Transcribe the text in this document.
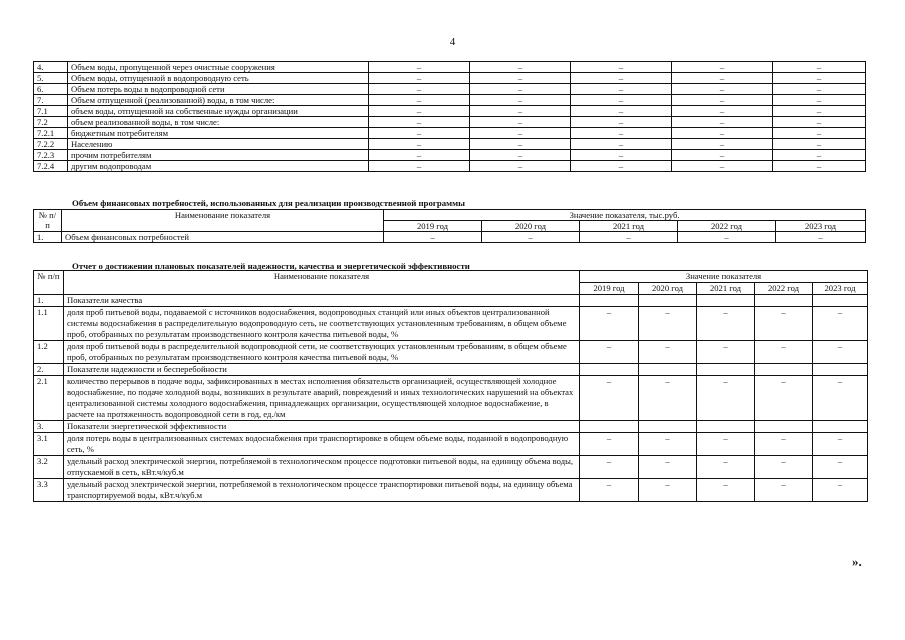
4
4.	Объем воды, пропущенной через очистные сооружения	–	–	–	–	–
5.	Объем воды, отпущенной в водопроводную сеть	–	–	–	–	–
6.	Объем потерь воды в водопроводной сети	–	–	–	–	–
7.	Объем отпущенной (реализованной) воды, в том числе:	–	–	–	–	–
7.1	объем воды, отпущенной на собственные нужды организации	–	–	–	–	–
7.2	объем реализованной воды, в том числе:	–	–	–	–	–
7.2.1	бюджетным потребителям	–	–	–	–	–
7.2.2	Населению	–	–	–	–	–
7.2.3	прочим потребителям	–	–	–	–	–
7.2.4	другим водопроводам	–	–	–	–	–
Объем финансовых потребностей, использованных для реализации производственной программы
№ п/п	Наименование показателя	Значение показателя, тыс.руб.				
		2019 год	2020 год	2021 год	2022 год	2023 год
1.	Объем финансовых потребностей	–	–	–	–	–
Отчет о достижении плановых показателей надежности, качества и энергетической эффективности
№ п/п	Наименование показателя	Значение показателя				
		2019 год	2020 год	2021 год	2022 год	2023 год
1.	Показатели качества					
1.1	доля проб питьевой воды, подаваемой с источников водоснабжения, водопроводных станций или иных объектов централизованной системы водоснабжения в распределительную водопроводную сеть, не соответствующих установленным требованиям, в общем объеме проб, отобранных по результатам производственного контроля качества питьевой воды, %	–	–	–	–	–
1.2	доля проб питьевой воды в распределительной водопроводной сети, не соответствующих установленным требованиям, в общем объеме проб, отобранных по результатам производственного контроля качества питьевой воды, %	–	–	–	–	–
2.	Показатели надежности и бесперебойности					
2.1	количество перерывов в подаче воды, зафиксированных в местах исполнения обязательств организацией, осуществляющей холодное водоснабжение, по подаче холодной воды, возникших в результате аварий, повреждений и иных технологических нарушений на объектах централизованной системы холодного водоснабжения, принадлежащих организации, осуществляющей холодное водоснабжение, в расчете на протяженность водопроводной сети в год, ед./км	–	–	–	–	–
3.	Показатели энергетической эффективности					
3.1	доля потерь воды в централизованных системах водоснабжения при транспортировке в общем объеме воды, поданной в водопроводную сеть, %	–	–	–	–	–
3.2	удельный расход электрической энергии, потребляемой в технологическом процессе подготовки питьевой воды, на единицу объема воды, отпускаемой в сеть, кВт.ч/куб.м	–	–	–	–	–
3.3	удельный расход электрической энергии, потребляемой в технологическом процессе транспортировки питьевой воды, на единицу объема транспортируемой воды, кВт.ч/куб.м	–	–	–	–	–
».
